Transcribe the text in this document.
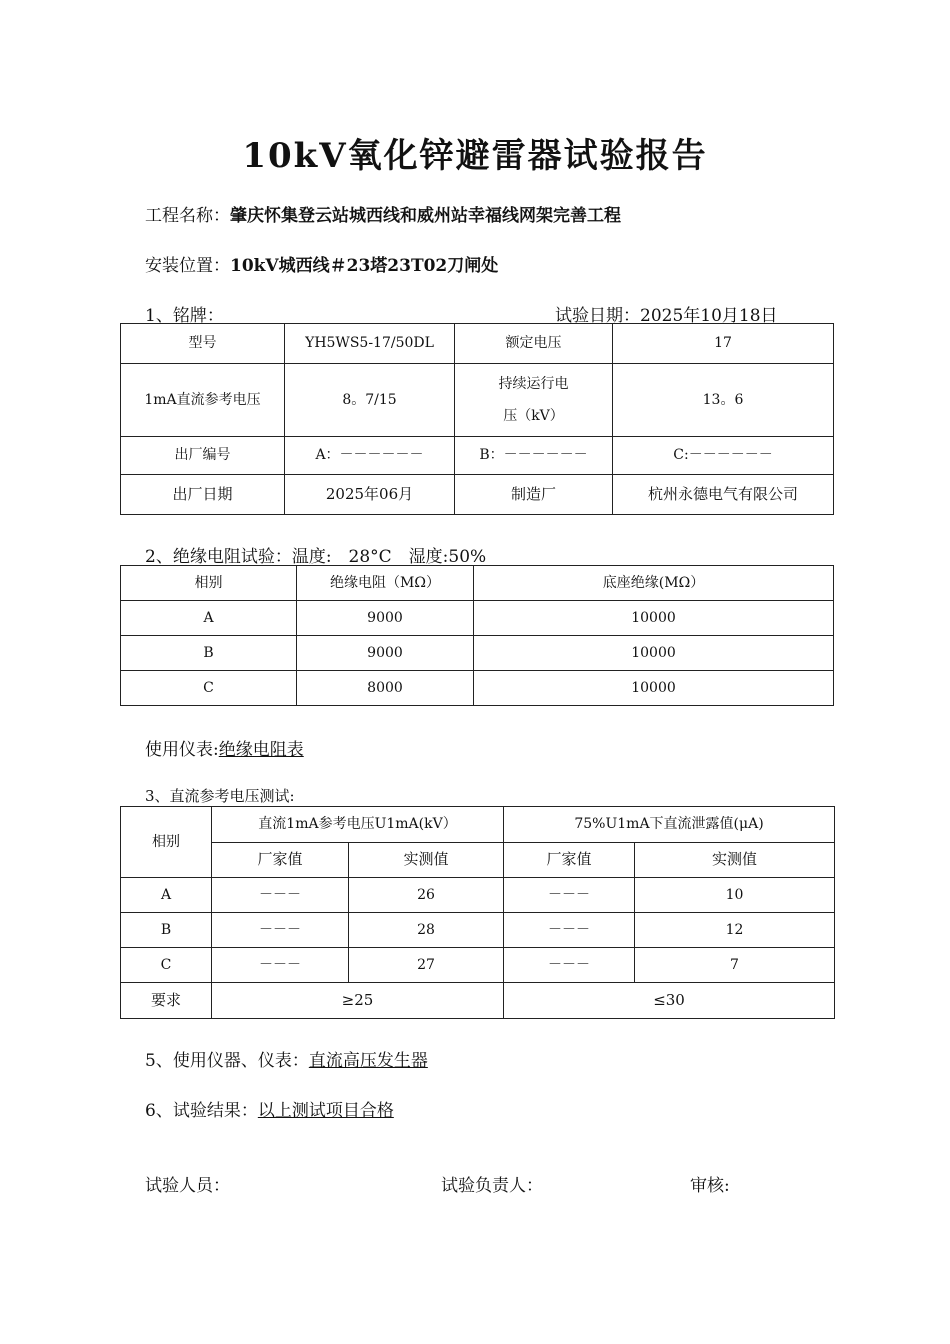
10kV氧化锌避雷器试验报告
工程名称：肇庆怀集登云站城西线和威州站幸福线网架完善工程
安装位置：10kV城西线＃23塔23T02刀闸处
1、铭牌：	试验日期：2025年10月18日
型号	YH5WS5-17/50DL	额定电压	17
1mA直流参考电压	8。7/15	持续运行电压（kV）	13。6
出厂编号	A：－－－－－－	B：－－－－－－	C:－－－－－－
出厂日期	2025年06月	制造厂	杭州永德电气有限公司
2、绝缘电阻试验：温度:　28°C　湿度:50%
相别	绝缘电阻（MΩ）	底座绝缘(MΩ）
A	9000	10000
B	9000	10000
C	8000	10000
使用仪表:绝缘电阻表
3、直流参考电压测试:
相别	直流1mA参考电压U1mA(kV）		75%U1mA下直流泄露值(μA)	
	厂家值	实测值	厂家值	实测值
A	－－－	26	－－－	10
B	－－－	28	－－－	12
C	－－－	27	－－－	7
要求	≥25		≤30	
5、使用仪器、仪表：直流高压发生器
6、试验结果：以上测试项目合格
试验人员：	试验负责人：	审核:
